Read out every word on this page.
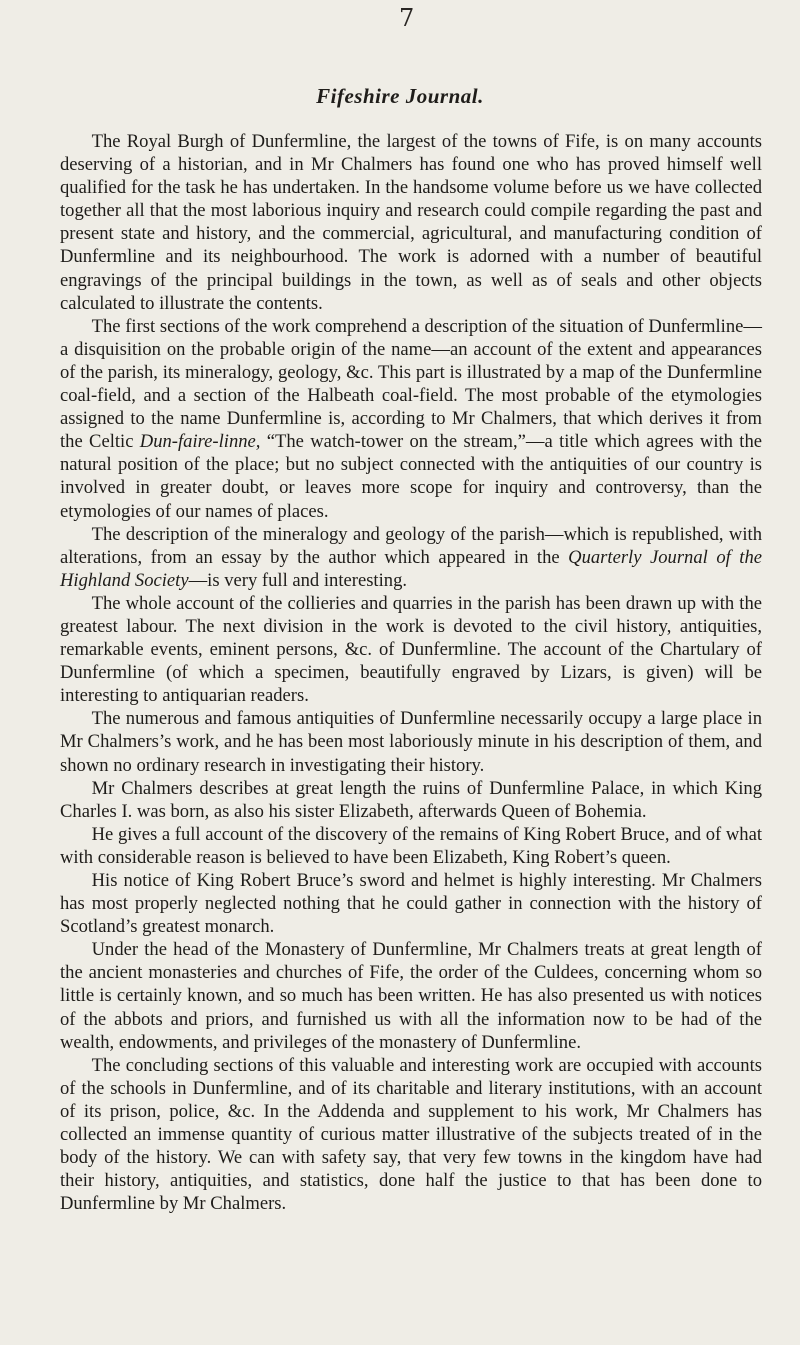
7
Fifeshire Journal.

The Royal Burgh of Dunfermline, the largest of the towns of Fife, is on many accounts deserving of a historian, and in Mr Chalmers has found one who has proved himself well qualified for the task he has undertaken. In the handsome volume before us we have collected together all that the most laborious inquiry and research could compile regarding the past and present state and history, and the commercial, agricultural, and manufacturing condition of Dunfermline and its neighbourhood. The work is adorned with a number of beautiful engravings of the principal buildings in the town, as well as of seals and other objects calculated to illustrate the contents.

The first sections of the work comprehend a description of the situation of Dunfermline—a disquisition on the probable origin of the name—an account of the extent and appearances of the parish, its mineralogy, geology, &c. This part is illustrated by a map of the Dunfermline coal-field, and a section of the Halbeath coal-field. The most probable of the etymologies assigned to the name Dunfermline is, according to Mr Chalmers, that which derives it from the Celtic Dun-faire-linne, “The watch-tower on the stream,”—a title which agrees with the natural position of the place; but no subject connected with the antiquities of our country is involved in greater doubt, or leaves more scope for inquiry and controversy, than the etymologies of our names of places.

The description of the mineralogy and geology of the parish—which is republished, with alterations, from an essay by the author which appeared in the Quarterly Journal of the Highland Society—is very full and interesting.

The whole account of the collieries and quarries in the parish has been drawn up with the greatest labour. The next division in the work is devoted to the civil history, antiquities, remarkable events, eminent persons, &c. of Dunfermline. The account of the Chartulary of Dunfermline (of which a specimen, beautifully engraved by Lizars, is given) will be interesting to antiquarian readers.

The numerous and famous antiquities of Dunfermline necessarily occupy a large place in Mr Chalmers’s work, and he has been most laboriously minute in his description of them, and shown no ordinary research in investigating their history.

Mr Chalmers describes at great length the ruins of Dunfermline Palace, in which King Charles I. was born, as also his sister Elizabeth, afterwards Queen of Bohemia.

He gives a full account of the discovery of the remains of King Robert Bruce, and of what with considerable reason is believed to have been Elizabeth, King Robert’s queen.

His notice of King Robert Bruce’s sword and helmet is highly interesting. Mr Chalmers has most properly neglected nothing that he could gather in connection with the history of Scotland’s greatest monarch.

Under the head of the Monastery of Dunfermline, Mr Chalmers treats at great length of the ancient monasteries and churches of Fife, the order of the Culdees, concerning whom so little is certainly known, and so much has been written. He has also presented us with notices of the abbots and priors, and furnished us with all the information now to be had of the wealth, endowments, and privileges of the monastery of Dunfermline.

The concluding sections of this valuable and interesting work are occupied with accounts of the schools in Dunfermline, and of its charitable and literary institutions, with an account of its prison, police, &c. In the Addenda and supplement to his work, Mr Chalmers has collected an immense quantity of curious matter illustrative of the subjects treated of in the body of the history. We can with safety say, that very few towns in the kingdom have had their history, antiquities, and statistics, done half the justice to that has been done to Dunfermline by Mr Chalmers.
